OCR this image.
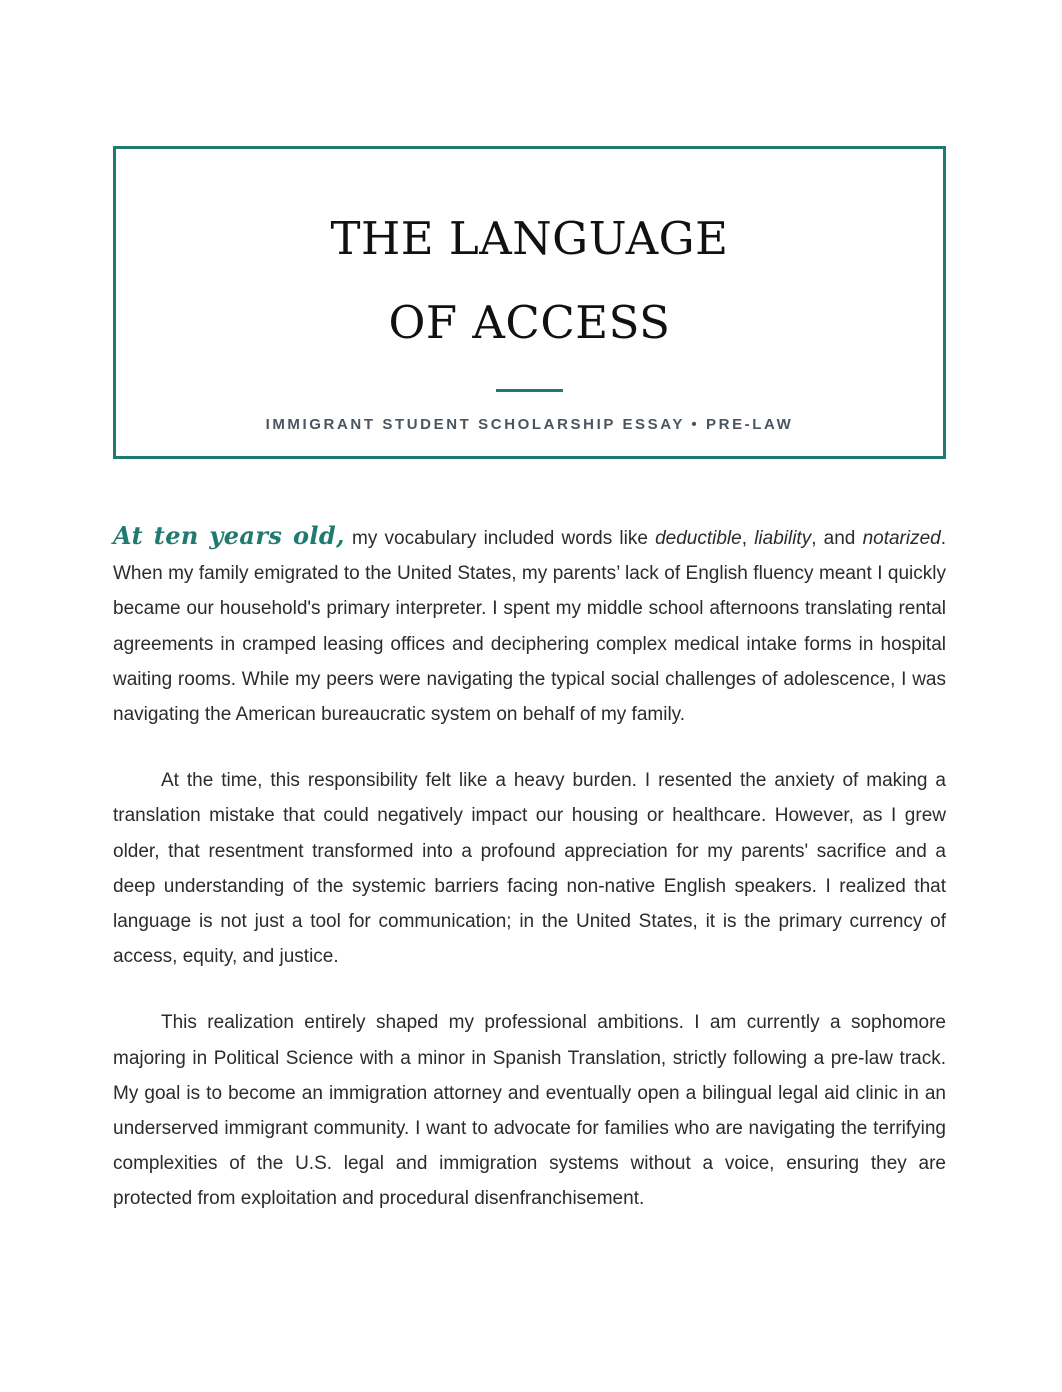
THE LANGUAGE

OF ACCESS

IMMIGRANT STUDENT SCHOLARSHIP ESSAY • PRE-LAW

At ten years old, my vocabulary included words like deductible, liability, and notarized. When my family emigrated to the United States, my parents’ lack of English fluency meant I quickly became our household's primary interpreter. I spent my middle school afternoons translating rental agreements in cramped leasing offices and deciphering complex medical intake forms in hospital waiting rooms. While my peers were navigating the typical social challenges of adolescence, I was navigating the American bureaucratic system on behalf of my family.

At the time, this responsibility felt like a heavy burden. I resented the anxiety of making a translation mistake that could negatively impact our housing or healthcare. However, as I grew older, that resentment transformed into a profound appreciation for my parents' sacrifice and a deep understanding of the systemic barriers facing non-native English speakers. I realized that language is not just a tool for communication; in the United States, it is the primary currency of access, equity, and justice.

This realization entirely shaped my professional ambitions. I am currently a sophomore majoring in Political Science with a minor in Spanish Translation, strictly following a pre-law track. My goal is to become an immigration attorney and eventually open a bilingual legal aid clinic in an underserved immigrant community. I want to advocate for families who are navigating the terrifying complexities of the U.S. legal and immigration systems without a voice, ensuring they are protected from exploitation and procedural disenfranchisement.
